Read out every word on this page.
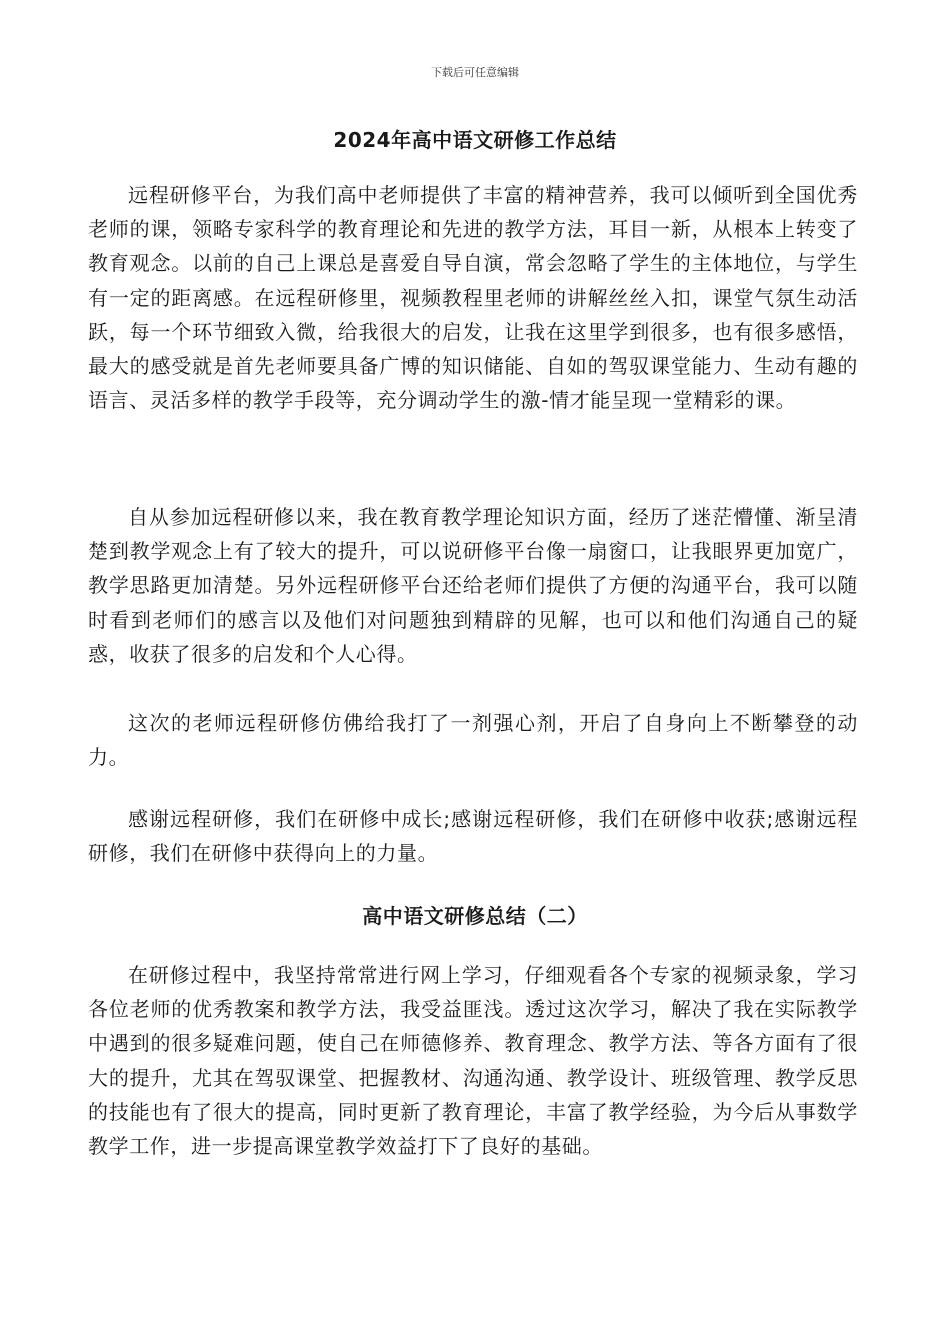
下载后可任意编辑
2024年高中语文研修工作总结

远程研修平台，为我们高中老师提供了丰富的精神营养，我可以倾听到全国优秀老师的课，领略专家科学的教育理论和先进的教学方法，耳目一新，从根本上转变了教育观念。以前的自己上课总是喜爱自导自演，常会忽略了学生的主体地位，与学生有一定的距离感。在远程研修里，视频教程里老师的讲解丝丝入扣，课堂气氛生动活跃，每一个环节细致入微，给我很大的启发，让我在这里学到很多，也有很多感悟，最大的感受就是首先老师要具备广博的知识储能、自如的驾驭课堂能力、生动有趣的语言、灵活多样的教学手段等，充分调动学生的激-情才能呈现一堂精彩的课。

自从参加远程研修以来，我在教育教学理论知识方面，经历了迷茫懵懂、渐呈清楚到教学观念上有了较大的提升，可以说研修平台像一扇窗口，让我眼界更加宽广，教学思路更加清楚。另外远程研修平台还给老师们提供了方便的沟通平台，我可以随时看到老师们的感言以及他们对问题独到精辟的见解，也可以和他们沟通自己的疑惑，收获了很多的启发和个人心得。

这次的老师远程研修仿佛给我打了一剂强心剂，开启了自身向上不断攀登的动力。

感谢远程研修，我们在研修中成长;感谢远程研修，我们在研修中收获;感谢远程研修，我们在研修中获得向上的力量。

高中语文研修总结（二）

在研修过程中，我坚持常常进行网上学习，仔细观看各个专家的视频录象，学习各位老师的优秀教案和教学方法，我受益匪浅。透过这次学习，解决了我在实际教学中遇到的很多疑难问题，使自己在师德修养、教育理念、教学方法、等各方面有了很大的提升，尤其在驾驭课堂、把握教材、沟通沟通、教学设计、班级管理、教学反思的技能也有了很大的提高，同时更新了教育理论，丰富了教学经验，为今后从事数学教学工作，进一步提高课堂教学效益打下了良好的基础。
